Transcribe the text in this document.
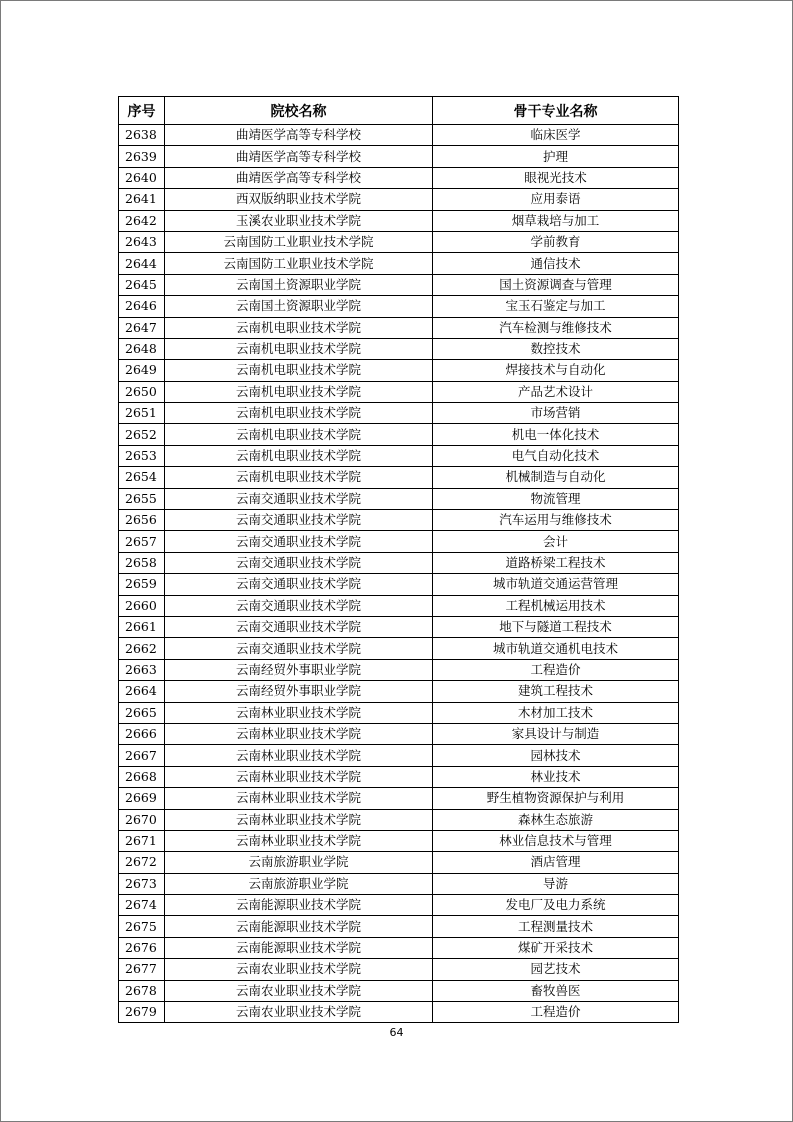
序号	院校名称	骨干专业名称
2638	曲靖医学高等专科学校	临床医学
2639	曲靖医学高等专科学校	护理
2640	曲靖医学高等专科学校	眼视光技术
2641	西双版纳职业技术学院	应用泰语
2642	玉溪农业职业技术学院	烟草栽培与加工
2643	云南国防工业职业技术学院	学前教育
2644	云南国防工业职业技术学院	通信技术
2645	云南国土资源职业学院	国土资源调查与管理
2646	云南国土资源职业学院	宝玉石鉴定与加工
2647	云南机电职业技术学院	汽车检测与维修技术
2648	云南机电职业技术学院	数控技术
2649	云南机电职业技术学院	焊接技术与自动化
2650	云南机电职业技术学院	产品艺术设计
2651	云南机电职业技术学院	市场营销
2652	云南机电职业技术学院	机电一体化技术
2653	云南机电职业技术学院	电气自动化技术
2654	云南机电职业技术学院	机械制造与自动化
2655	云南交通职业技术学院	物流管理
2656	云南交通职业技术学院	汽车运用与维修技术
2657	云南交通职业技术学院	会计
2658	云南交通职业技术学院	道路桥梁工程技术
2659	云南交通职业技术学院	城市轨道交通运营管理
2660	云南交通职业技术学院	工程机械运用技术
2661	云南交通职业技术学院	地下与隧道工程技术
2662	云南交通职业技术学院	城市轨道交通机电技术
2663	云南经贸外事职业学院	工程造价
2664	云南经贸外事职业学院	建筑工程技术
2665	云南林业职业技术学院	木材加工技术
2666	云南林业职业技术学院	家具设计与制造
2667	云南林业职业技术学院	园林技术
2668	云南林业职业技术学院	林业技术
2669	云南林业职业技术学院	野生植物资源保护与利用
2670	云南林业职业技术学院	森林生态旅游
2671	云南林业职业技术学院	林业信息技术与管理
2672	云南旅游职业学院	酒店管理
2673	云南旅游职业学院	导游
2674	云南能源职业技术学院	发电厂及电力系统
2675	云南能源职业技术学院	工程测量技术
2676	云南能源职业技术学院	煤矿开采技术
2677	云南农业职业技术学院	园艺技术
2678	云南农业职业技术学院	畜牧兽医
2679	云南农业职业技术学院	工程造价
64
